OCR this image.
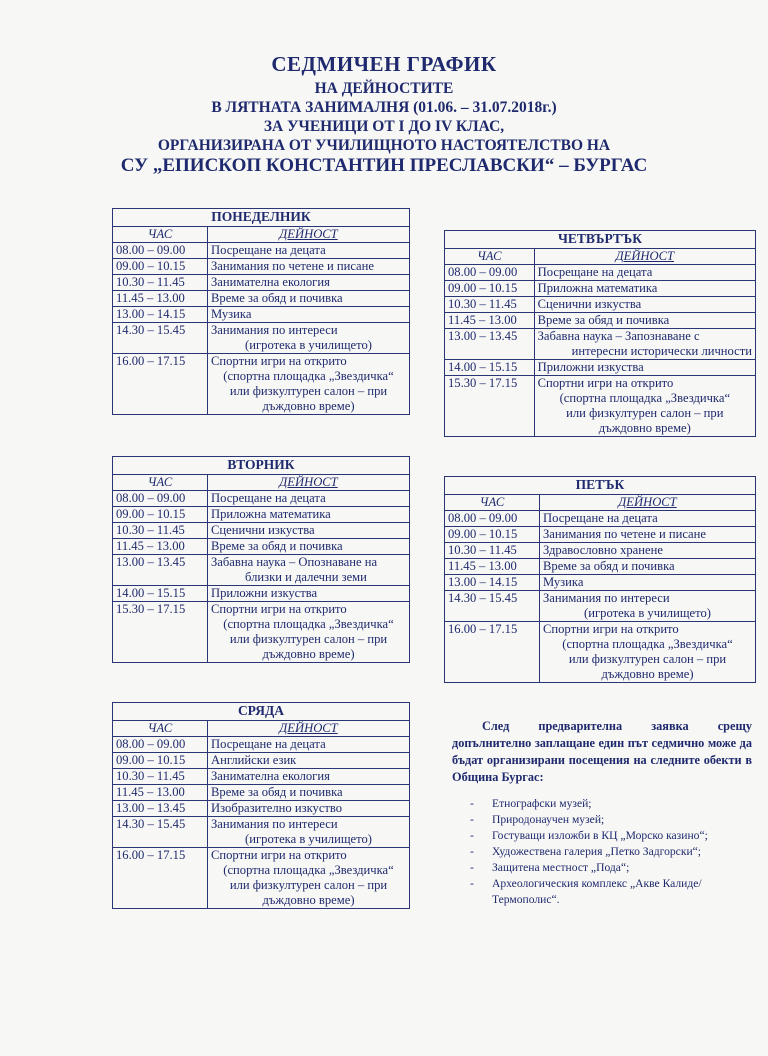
СЕДМИЧЕН ГРАФИК
НА ДЕЙНОСТИТЕ
В ЛЯТНАТА ЗАНИМАЛНЯ (01.06. – 31.07.2018г.)
ЗА УЧЕНИЦИ ОТ I ДО IV КЛАС,
ОРГАНИЗИРАНА ОТ УЧИЛИЩНОТО НАСТОЯТЕЛСТВО НА
СУ „ЕПИСКОП КОНСТАНТИН ПРЕСЛАВСКИ“ – БУРГАС
ПОНЕДЕЛНИК	
ЧАС	ДЕЙНОСТ
08.00 – 09.00	Посрещане на децата
09.00 – 10.15	Занимания по четене и писане
10.30 – 11.45	Занимателна екология
11.45 – 13.00	Време за обяд и почивка
13.00 – 14.15	Музика
14.30 – 15.45	Занимания по интереси
(игротека в училището)

16.00 – 17.15	Спортни игри на открито
(спортна площадка „Звездичка“
или физкултурен салон – при
дъждовно време)
ВТОРНИК	
ЧАС	ДЕЙНОСТ
08.00 – 09.00	Посрещане на децата
09.00 – 10.15	Приложна математика
10.30 – 11.45	Сценични изкуства
11.45 – 13.00	Време за обяд и почивка
13.00 – 13.45	Забавна наука – Опознаване на
близки и далечни земи
14.00 – 15.15	Приложни изкуства
15.30 – 17.15	Спортни игри на открито
(спортна площадка „Звездичка“
или физкултурен салон – при
дъждовно време)
СРЯДА	
ЧАС	ДЕЙНОСТ
08.00 – 09.00	Посрещане на децата
09.00 – 10.15	Английски език
10.30 – 11.45	Занимателна екология
11.45 – 13.00	Време за обяд и почивка
13.00 – 13.45	Изобразително изкуство
14.30 – 15.45	Занимания по интереси
(игротека в училището)

16.00 – 17.15	Спортни игри на открито
(спортна площадка „Звездичка“
или физкултурен салон – при
дъждовно време)
ЧЕТВЪРТЪК	
ЧАС	ДЕЙНОСТ
08.00 – 09.00	Посрещане на децата
09.00 – 10.15	Приложна математика
10.30 – 11.45	Сценични изкуства
11.45 – 13.00	Време за обяд и почивка
13.00 – 13.45	Забавна наука – Запознаване с
интересни исторически личности
14.00 – 15.15	Приложни изкуства
15.30 – 17.15	Спортни игри на открито
(спортна площадка „Звездичка“
или физкултурен салон – при
дъждовно време)
ПЕТЪК	
ЧАС	ДЕЙНОСТ
08.00 – 09.00	Посрещане на децата
09.00 – 10.15	Занимания по четене и писане
10.30 – 11.45	Здравословно хранене
11.45 – 13.00	Време за обяд и почивка
13.00 – 14.15	Музика
14.30 – 15.45	Занимания по интереси
(игротека в училището)

16.00 – 17.15	Спортни игри на открито
(спортна площадка „Звездичка“
или физкултурен салон – при
дъждовно време)
След предварителна заявка срещу допълнително заплащане един път седмично може да бъдат организирани посещения на следните обекти в Община Бургас:
- Етнографски музей;
- Природонаучен музей;
- Гостуващи изложби в КЦ „Морско казино“;
- Художествена галерия „Петко Задгорски“;
- Защитена местност „Пода“;
- Археологическия комплекс „Акве Калиде/Термополис“.
